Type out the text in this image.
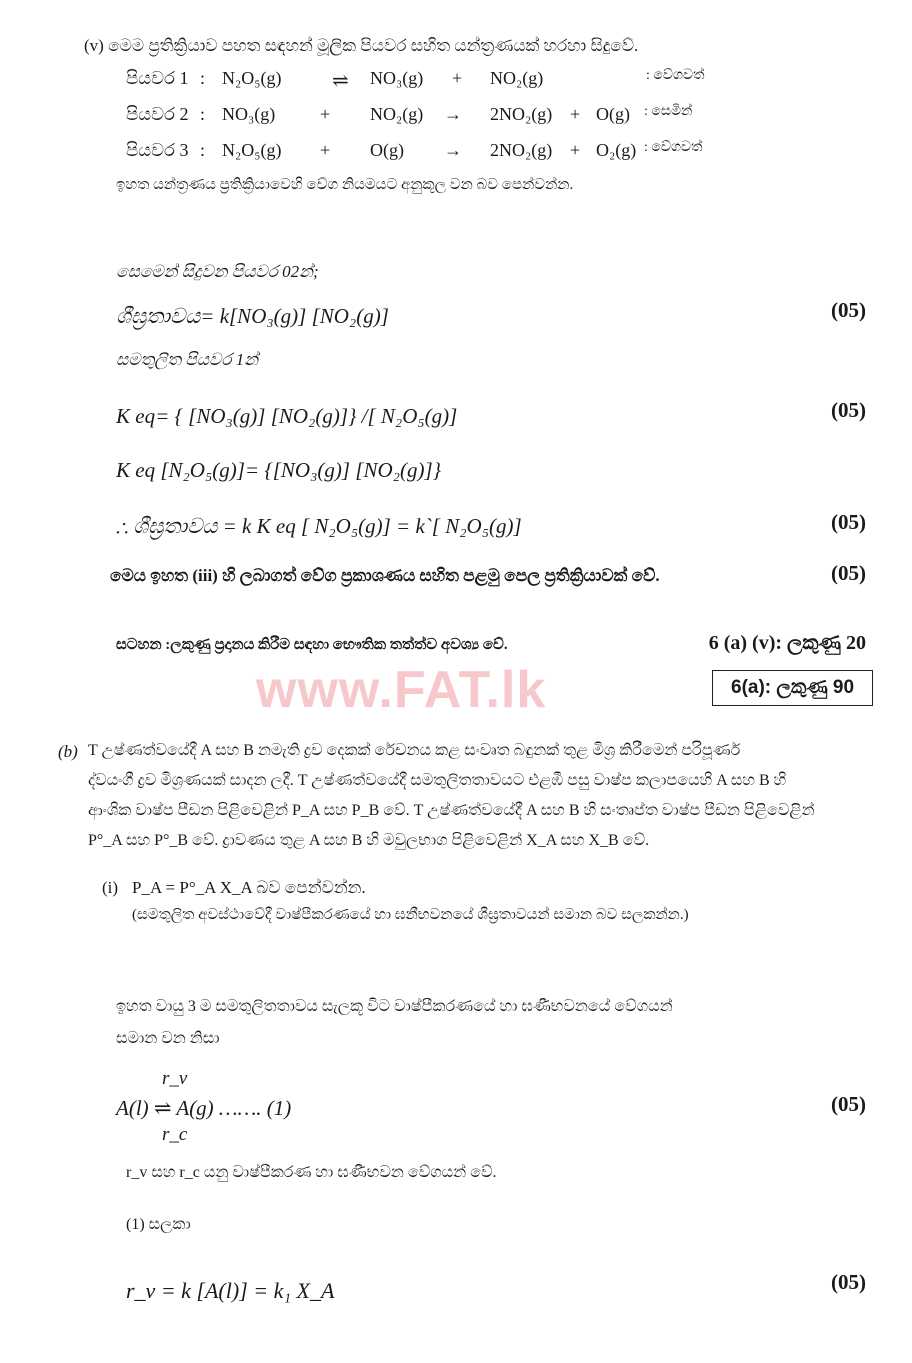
(v) මෙම ප්‍රතික්‍රියාව පහත සඳහන් මූලික පියවර සහිත යන්ත්‍රණයක් හරහා සිදුවේ.
පියවර 1 : N₂O₅(g)	⇌ NO₃(g) + NO₂(g)	: වේගවත්
පියවර 2 : NO₃(g) + NO₂(g) → 2NO₂(g) + O(g) : සෙමින්
පියවර 3 : N₂O₅(g) + O(g) → 2NO₂(g) + O₂(g) : වේගවත්
ඉහත යන්ත්‍රණය ප්‍රතික්‍රියාවෙහි වේග නියමයට අනුකූල වන බව පෙන්වන්න.
සෙමෙන් සිදුවන පියවර 02න්;
ශීඝ්‍රතාවය= k[NO₃(g)] [NO₂(g)]	(05)
සමතුලිත පියවර 1න්
K eq= { [NO₃(g)] [NO₂(g)]} /[ N₂O₅(g)]	(05)
K eq [N₂O₅(g)]= {[NO₃(g)] [NO₂(g)]}
∴ ශීඝ්‍රතාවය = k K eq [ N₂O₅(g)] = k`[ N₂O₅(g)]	(05)
මෙය ඉහත (iii) හි ලබාගත් වේග ප්‍රකාශණය සහිත පළමු පෙල ප්‍රතික්‍රියාවක් වේ.	(05)
සටහන :ලකුණු ප්‍රදානය කිරීම සඳහා භෞතික තත්ත්ව අවශ්‍ය වේ.	6 (a) (v): ලකුණු 20
www.FAT.lk	6(a): ලකුණු 90
(b) T උෂ්ණත්වයේදී A සහ B නමැති ද්‍රව දෙකක් රේචනය කළ සංවෘත බඳුනක් තුළ මිශ්‍ර කිරීමෙන් පරිපූර්ණ
ද්වයංගී ද්‍රව මිශ්‍රණයක් සාදන ලදී. T උෂ්ණත්වයේදී සමතුලිතතාවයට එළඹී පසු වාෂ්ප කලාපයෙහි A සහ B හි
ආංශික වාෂ්ප පීඩන පිළිවෙළින් P_A සහ P_B වේ. T උෂ්ණත්වයේදී A සහ B හි සංතෘප්ත වාෂ්ප පීඩන පිළිවෙළින්
P°_A සහ P°_B වේ. ද්‍රාවණය තුළ A සහ B හි මවුලභාග පිළිවෙළින් X_A සහ X_B වේ.
(i) P_A = P°_A X_A බව පෙන්වන්න.
(සමතුලිත අවස්ථාවේදී වාෂ්පීකරණයේ හා ඝනීභවනයේ ශීඝ්‍රතාවයන් සමාන බව සලකන්න.)
ඉහත වායු 3 ම සමතුලිතතාවය සැලකූ විට වාෂ්පීකරණයේ හා ඝණීභවනයේ වේගයන්
සමාන වන නිසා
r_v
A(l) ⇌ A(g) ……. (1)
r_c
(05)
r_v සහ r_c යනු වාෂ්පීකරණ හා ඝණීභවන වේගයන් වේ.
(1) සලකා
r_v = k [A(l)] = k₁ X_A	(05)
